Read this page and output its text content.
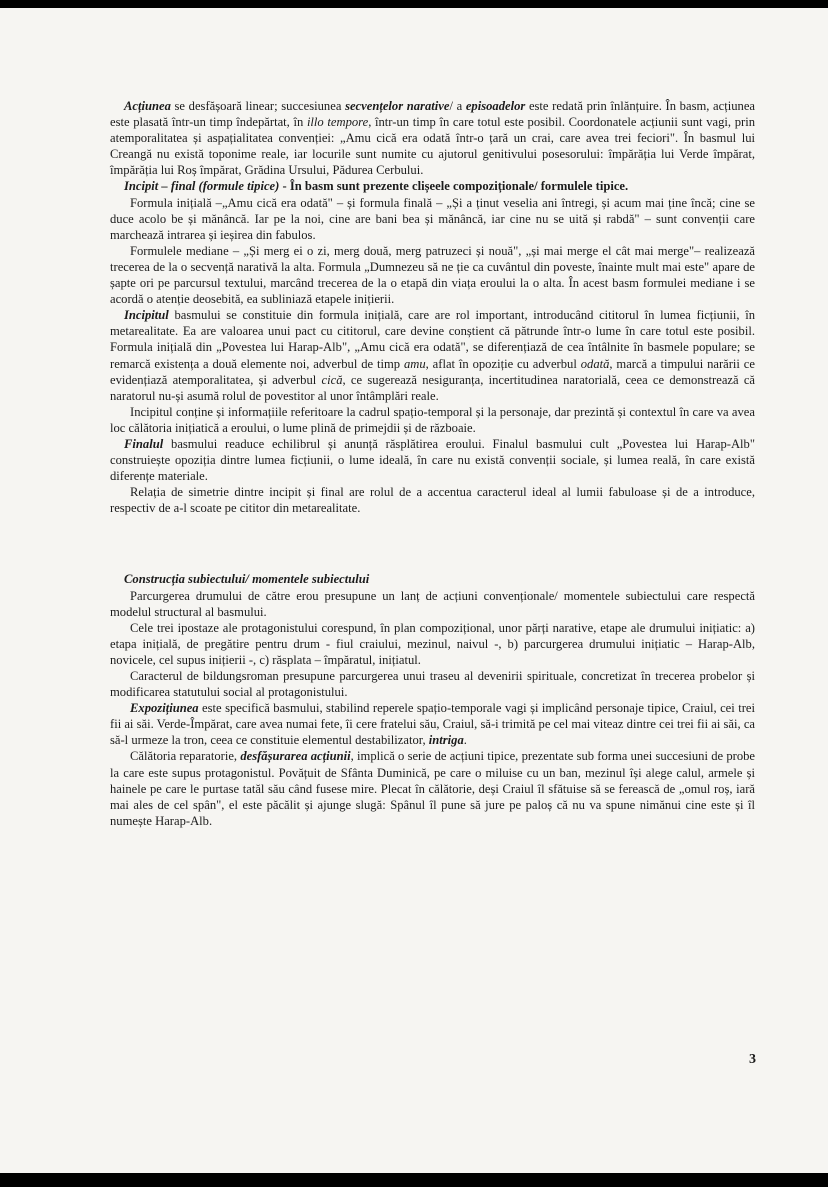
Acțiunea se desfășoară linear; succesiunea secvențelor narative/ a episoadelor este redată prin înlănțuire. În basm, acțiunea este plasată într-un timp îndepărtat, în illo tempore, într-un timp în care totul este posibil. Coordonatele acțiunii sunt vagi, prin atemporalitatea și aspațialitatea convenției: „Amu cică era odată într-o țară un crai, care avea trei feciori". În basmul lui Creangă nu există toponime reale, iar locurile sunt numite cu ajutorul genitivului posesorului: împărăția lui Verde împărat, împărăția lui Roș împărat, Grădina Ursului, Pădurea Cerbului.

Incipit – final (formule tipice) - În basm sunt prezente clișeele compoziționale/ formulele tipice.

Formula inițială –„Amu cică era odată" – și formula finală – „Și a ținut veselia ani întregi, și acum mai ține încă; cine se duce acolo be și mănâncă. Iar pe la noi, cine are bani bea și mănâncă, iar cine nu se uită și rabdă" – sunt convenții care marchează intrarea și ieșirea din fabulos.

Formulele mediane – „Și merg ei o zi, merg două, merg patruzeci și nouă", „și mai merge el cât mai merge"– realizează trecerea de la o secvență narativă la alta. Formula „Dumnezeu să ne ție ca cuvântul din poveste, înainte mult mai este" apare de șapte ori pe parcursul textului, marcând trecerea de la o etapă din viața eroului la o alta. În acest basm formulei mediane i se acordă o atenție deosebită, ea subliniază etapele inițierii.

Incipitul basmului se constituie din formula inițială, care are rol important, introducând cititorul în lumea ficțiunii, în metarealitate. Ea are valoarea unui pact cu cititorul, care devine conștient că pătrunde într-o lume în care totul este posibil. Formula inițială din „Povestea lui Harap-Alb", „Amu cică era odată", se diferențiază de cea întâlnite în basmele populare; se remarcă existența a două elemente noi, adverbul de timp amu, aflat în opoziție cu adverbul odată, marcă a timpului narării ce evidențiază atemporalitatea, și adverbul cică, ce sugerează nesiguranța, incertitudinea naratorială, ceea ce demonstrează că naratorul nu-și asumă rolul de povestitor al unor întâmplări reale.

Incipitul conține și informațiile referitoare la cadrul spațio-temporal și la personaje, dar prezintă și contextul în care va avea loc călătoria inițiatică a eroului, o lume plină de primejdii și de războaie.

Finalul basmului readuce echilibrul și anunță răsplătirea eroului. Finalul basmului cult „Povestea lui Harap-Alb" construiește opoziția dintre lumea ficțiunii, o lume ideală, în care nu există convenții sociale, și lumea reală, în care există diferențe materiale.

Relația de simetrie dintre incipit și final are rolul de a accentua caracterul ideal al lumii fabuloase și de a introduce, respectiv de a-l scoate pe cititor din metarealitate.

Construcția subiectului/ momentele subiectului

Parcurgerea drumului de către erou presupune un lanț de acțiuni convenționale/ momentele subiectului care respectă modelul structural al basmului.

Cele trei ipostaze ale protagonistului corespund, în plan compozițional, unor părți narative, etape ale drumului inițiatic: a) etapa inițială, de pregătire pentru drum - fiul craiului, mezinul, naivul -, b) parcurgerea drumului inițiatic – Harap-Alb, novicele, cel supus inițierii -, c) răsplata – împăratul, inițiatul.

Caracterul de bildungsroman presupune parcurgerea unui traseu al devenirii spirituale, concretizat în trecerea probelor și modificarea statutului social al protagonistului.

Expozițiunea este specifică basmului, stabilind reperele spațio-temporale vagi și implicând personaje tipice, Craiul, cei trei fii ai săi. Verde-Împărat, care avea numai fete, îi cere fratelui său, Craiul, să-i trimită pe cel mai viteaz dintre cei trei fii ai săi, ca să-l urmeze la tron, ceea ce constituie elementul destabilizator, intriga.

Călătoria reparatorie, desfășurarea acțiunii, implică o serie de acțiuni tipice, prezentate sub forma unei succesiuni de probe la care este supus protagonistul. Povățuit de Sfânta Duminică, pe care o miluise cu un ban, mezinul își alege calul, armele și hainele pe care le purtase tatăl său când fusese mire. Plecat în călătorie, deși Craiul îl sfătuise să se ferească de „omul roș, iară mai ales de cel spân", el este păcălit și ajunge slugă: Spânul îl pune să jure pe paloș că nu va spune nimănui cine este și îl numește Harap-Alb.

3
